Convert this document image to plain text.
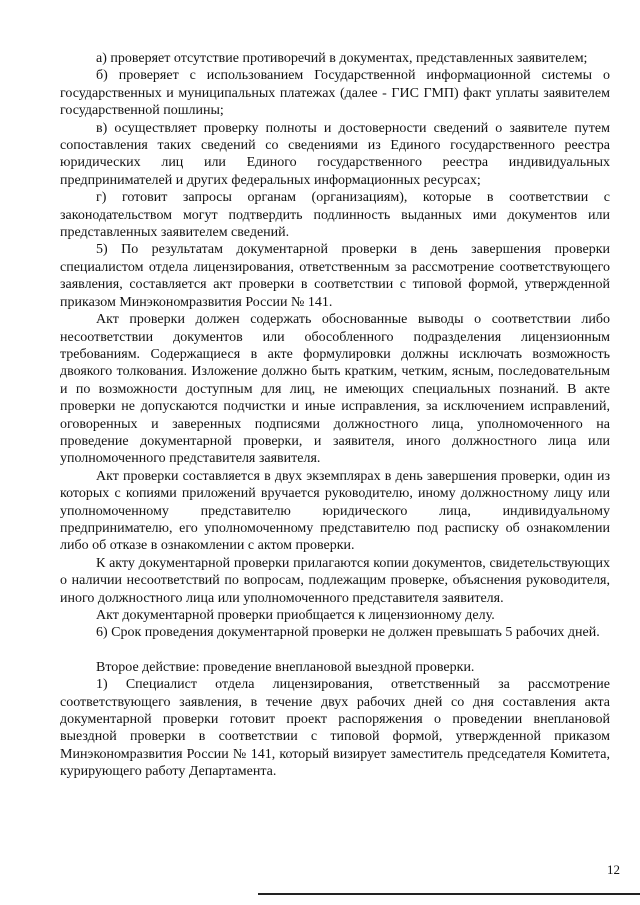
а) проверяет отсутствие противоречий в документах, представленных заявителем;

б) проверяет с использованием Государственной информационной системы о государственных и муниципальных платежах (далее - ГИС ГМП) факт уплаты заявителем государственной пошлины;

в) осуществляет проверку полноты и достоверности сведений о заявителе путем сопоставления таких сведений со сведениями из Единого государственного реестра юридических лиц или Единого государственного реестра индивидуальных предпринимателей и других федеральных информационных ресурсах;

г) готовит запросы органам (организациям), которые в соответствии с законодательством могут подтвердить подлинность выданных ими документов или представленных заявителем сведений.

5) По результатам документарной проверки в день завершения проверки специалистом отдела лицензирования, ответственным за рассмотрение соответствующего заявления, составляется акт проверки в соответствии с типовой формой, утвержденной приказом Минэкономразвития России № 141.

Акт проверки должен содержать обоснованные выводы о соответствии либо несоответствии документов или обособленного подразделения лицензионным требованиям. Содержащиеся в акте формулировки должны исключать возможность двоякого толкования. Изложение должно быть кратким, четким, ясным, последовательным и по возможности доступным для лиц, не имеющих специальных познаний. В акте проверки не допускаются подчистки и иные исправления, за исключением исправлений, оговоренных и заверенных подписями должностного лица, уполномоченного на проведение документарной проверки, и заявителя, иного должностного лица или уполномоченного представителя заявителя.

Акт проверки составляется в двух экземплярах в день завершения проверки, один из которых с копиями приложений вручается руководителю, иному должностному лицу или уполномоченному представителю юридического лица, индивидуальному предпринимателю, его уполномоченному представителю под расписку об ознакомлении либо об отказе в ознакомлении с актом проверки.

К акту документарной проверки прилагаются копии документов, свидетельствующих о наличии несоответствий по вопросам, подлежащим проверке, объяснения руководителя, иного должностного лица или уполномоченного представителя заявителя.

Акт документарной проверки приобщается к лицензионному делу.

6) Срок проведения документарной проверки не должен превышать 5 рабочих дней.

Второе действие: проведение внеплановой выездной проверки.

1) Специалист отдела лицензирования, ответственный за рассмотрение соответствующего заявления, в течение двух рабочих дней со дня составления акта документарной проверки готовит проект распоряжения о проведении внеплановой выездной проверки в соответствии с типовой формой, утвержденной приказом Минэкономразвития России № 141, который визирует заместитель председателя Комитета, курирующего работу Департамента.

12
